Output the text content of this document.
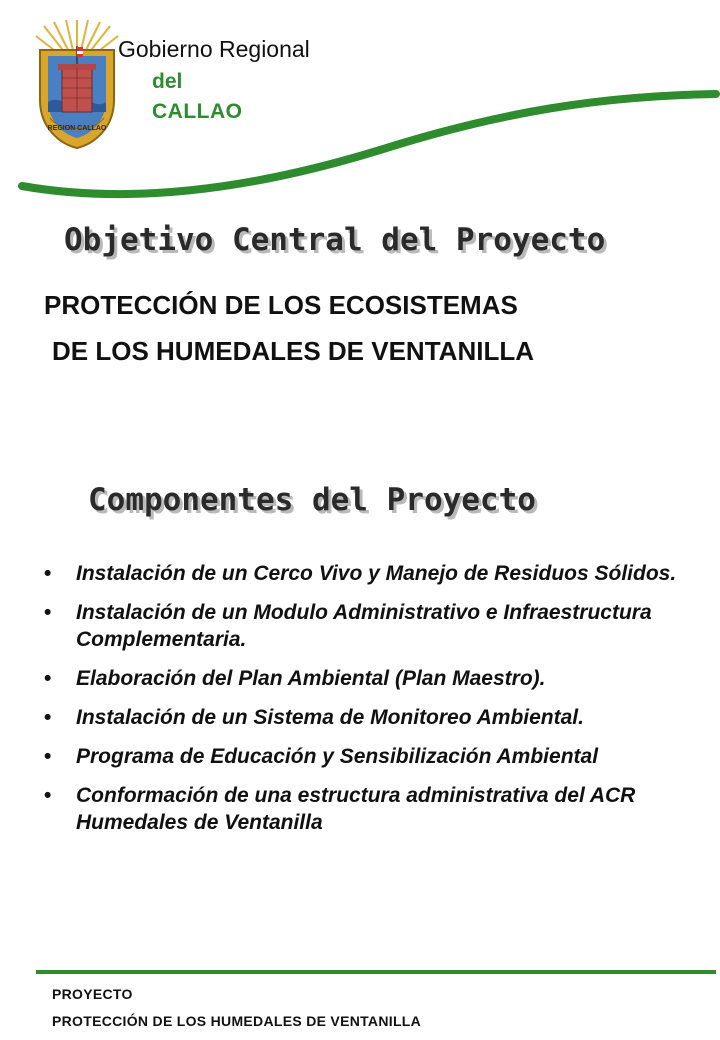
REGION CALLAO
Gobierno Regional
del
CALLAO
Objetivo Central del Proyecto
PROTECCIÓN DE LOS ECOSISTEMAS
DE LOS HUMEDALES DE VENTANILLA
Componentes del Proyecto
• Instalación de un Cerco Vivo y Manejo de Residuos Sólidos.
• Instalación de un Modulo Administrativo e Infraestructura Complementaria.
• Elaboración del Plan Ambiental (Plan Maestro).
• Instalación de un Sistema de Monitoreo Ambiental.
• Programa de Educación y Sensibilización Ambiental
• Conformación de una estructura administrativa del ACR Humedales de Ventanilla
PROYECTO
PROTECCIÓN DE LOS HUMEDALES DE VENTANILLA
